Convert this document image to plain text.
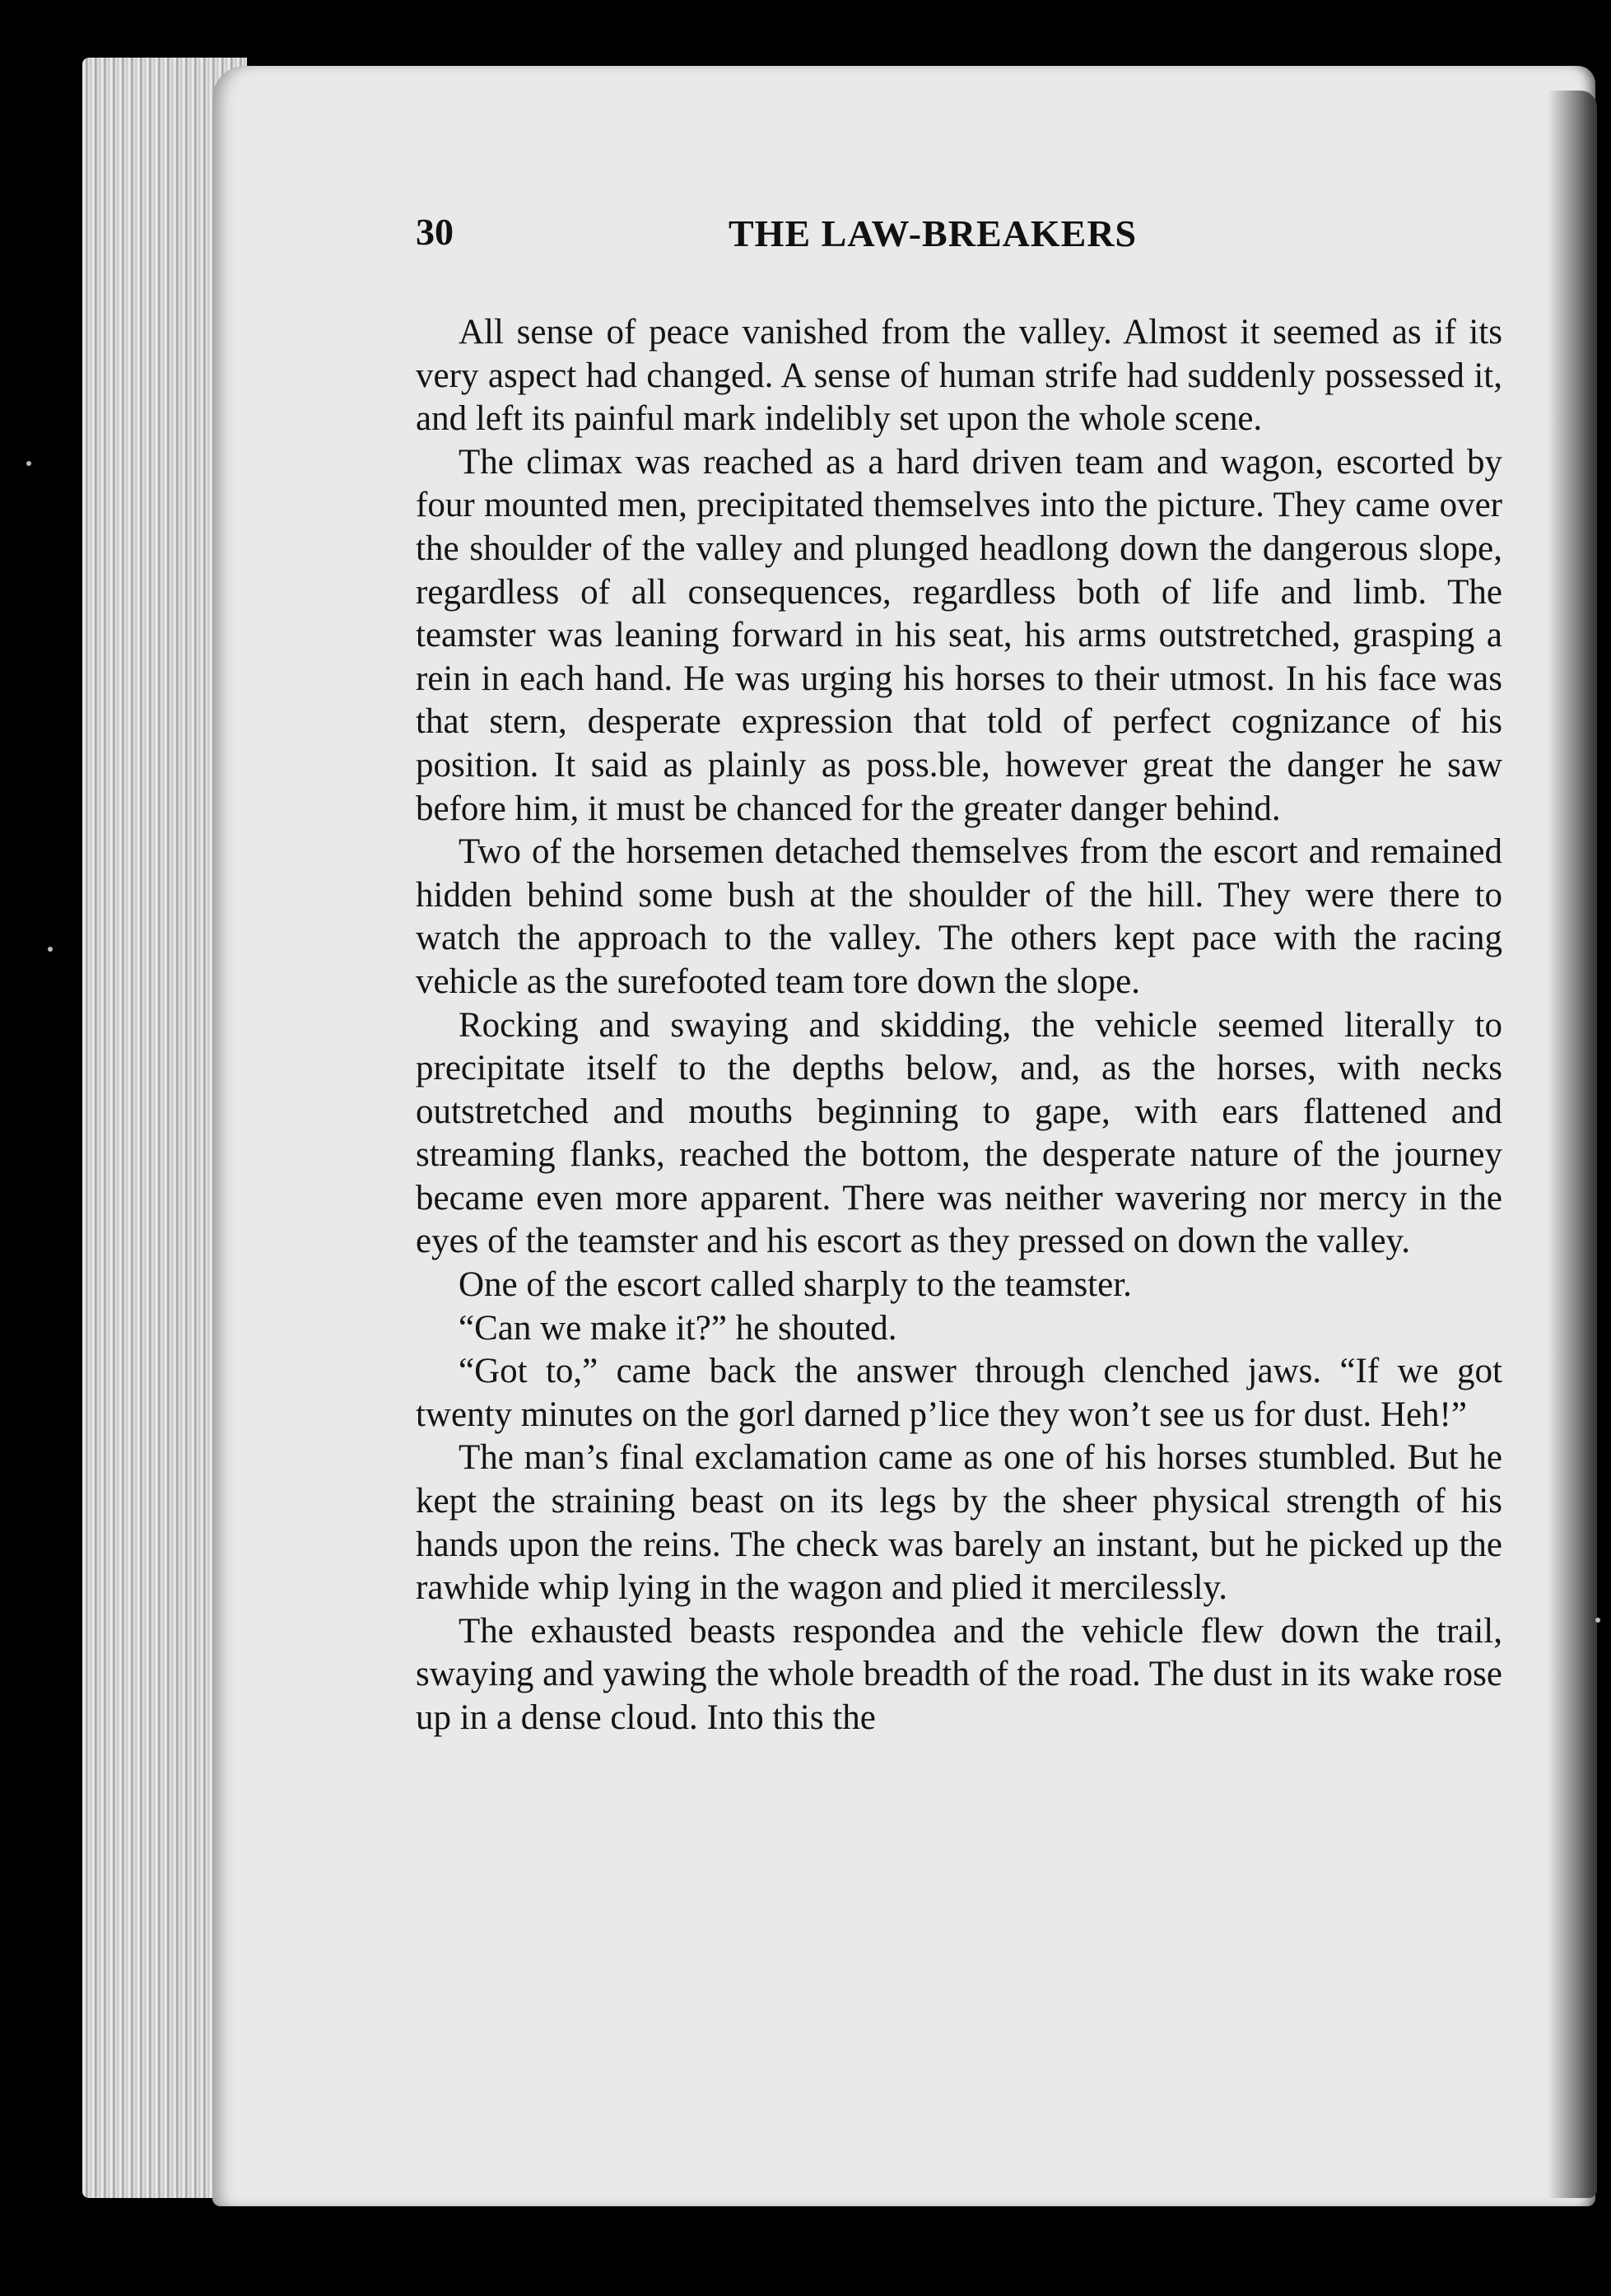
30	THE LAW-BREAKERS

All sense of peace vanished from the valley. Almost it seemed as if its very aspect had changed. A sense of human strife had suddenly possessed it, and left its painful mark indelibly set upon the whole scene.

The climax was reached as a hard driven team and wagon, escorted by four mounted men, precipitated themselves into the picture. They came over the shoulder of the valley and plunged headlong down the dangerous slope, regardless of all consequences, regardless both of life and limb. The teamster was leaning forward in his seat, his arms outstretched, grasping a rein in each hand. He was urging his horses to their utmost. In his face was that stern, desperate expression that told of perfect cognizance of his position. It said as plainly as poss.ble, however great the danger he saw before him, it must be chanced for the greater danger behind.

Two of the horsemen detached themselves from the escort and remained hidden behind some bush at the shoulder of the hill. They were there to watch the approach to the valley. The others kept pace with the racing vehicle as the surefooted team tore down the slope.

Rocking and swaying and skidding, the vehicle seemed literally to precipitate itself to the depths below, and, as the horses, with necks outstretched and mouths beginning to gape, with ears flattened and streaming flanks, reached the bottom, the desperate nature of the journey became even more apparent. There was neither wavering nor mercy in the eyes of the teamster and his escort as they pressed on down the valley.

One of the escort called sharply to the teamster.

“Can we make it?” he shouted.

“Got to,” came back the answer through clenched jaws. “If we got twenty minutes on the gorl darned p’lice they won’t see us for dust. Heh!”

The man’s final exclamation came as one of his horses stumbled. But he kept the straining beast on its legs by the sheer physical strength of his hands upon the reins. The check was barely an instant, but he picked up the rawhide whip lying in the wagon and plied it mercilessly.

The exhausted beasts respondea and the vehicle flew down the trail, swaying and yawing the whole breadth of the road. The dust in its wake rose up in a dense cloud. Into this the
